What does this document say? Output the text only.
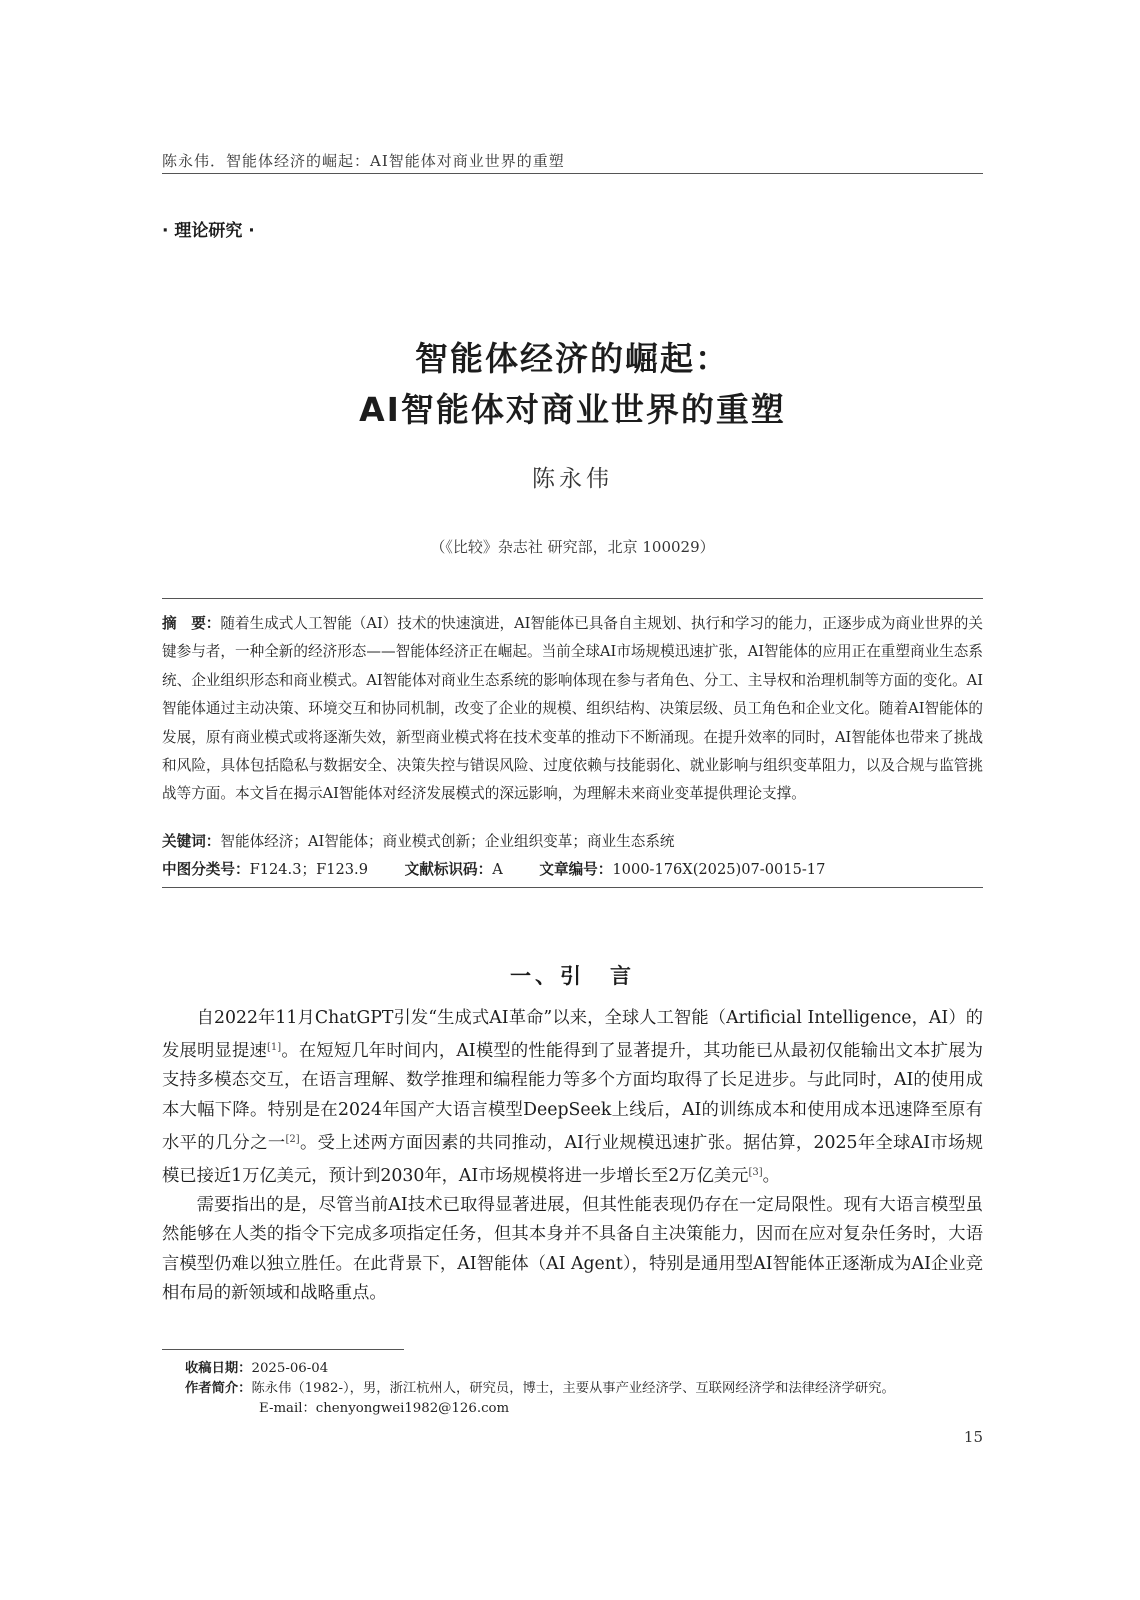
陈永伟．智能体经济的崛起：AI智能体对商业世界的重塑
· 理论研究 ·
智能体经济的崛起：
AI智能体对商业世界的重塑
陈永伟
（《比较》杂志社 研究部，北京 100029）
摘　要：随着生成式人工智能（AI）技术的快速演进，AI智能体已具备自主规划、执行和学习的能力，正逐步成为商业世界的关键参与者，一种全新的经济形态——智能体经济正在崛起。当前全球AI市场规模迅速扩张，AI智能体的应用正在重塑商业生态系统、企业组织形态和商业模式。AI智能体对商业生态系统的影响体现在参与者角色、分工、主导权和治理机制等方面的变化。AI智能体通过主动决策、环境交互和协同机制，改变了企业的规模、组织结构、决策层级、员工角色和企业文化。随着AI智能体的发展，原有商业模式或将逐渐失效，新型商业模式将在技术变革的推动下不断涌现。在提升效率的同时，AI智能体也带来了挑战和风险，具体包括隐私与数据安全、决策失控与错误风险、过度依赖与技能弱化、就业影响与组织变革阻力，以及合规与监管挑战等方面。本文旨在揭示AI智能体对经济发展模式的深远影响，为理解未来商业变革提供理论支撑。
关键词：智能体经济；AI智能体；商业模式创新；企业组织变革；商业生态系统
中图分类号：F124.3；F123.9	文献标识码：A	文章编号：1000-176X(2025)07-0015-17
一、引　言

自2022年11月ChatGPT引发“生成式AI革命”以来，全球人工智能（Artificial Intelligence，AI）的发展明显提速[1]。在短短几年时间内，AI模型的性能得到了显著提升，其功能已从最初仅能输出文本扩展为支持多模态交互，在语言理解、数学推理和编程能力等多个方面均取得了长足进步。与此同时，AI的使用成本大幅下降。特别是在2024年国产大语言模型DeepSeek上线后，AI的训练成本和使用成本迅速降至原有水平的几分之一[2]。受上述两方面因素的共同推动，AI行业规模迅速扩张。据估算，2025年全球AI市场规模已接近1万亿美元，预计到2030年，AI市场规模将进一步增长至2万亿美元[3]。

需要指出的是，尽管当前AI技术已取得显著进展，但其性能表现仍存在一定局限性。现有大语言模型虽然能够在人类的指令下完成多项指定任务，但其本身并不具备自主决策能力，因而在应对复杂任务时，大语言模型仍难以独立胜任。在此背景下，AI智能体（AI Agent），特别是通用型AI智能体正逐渐成为AI企业竞相布局的新领域和战略重点。

收稿日期： 2025-06-04
作者简介： 陈永伟（1982-），男，浙江杭州人，研究员，博士，主要从事产业经济学、互联网经济学和法律经济学研究。
E-mail：chenyongwei1982@126.com
15
